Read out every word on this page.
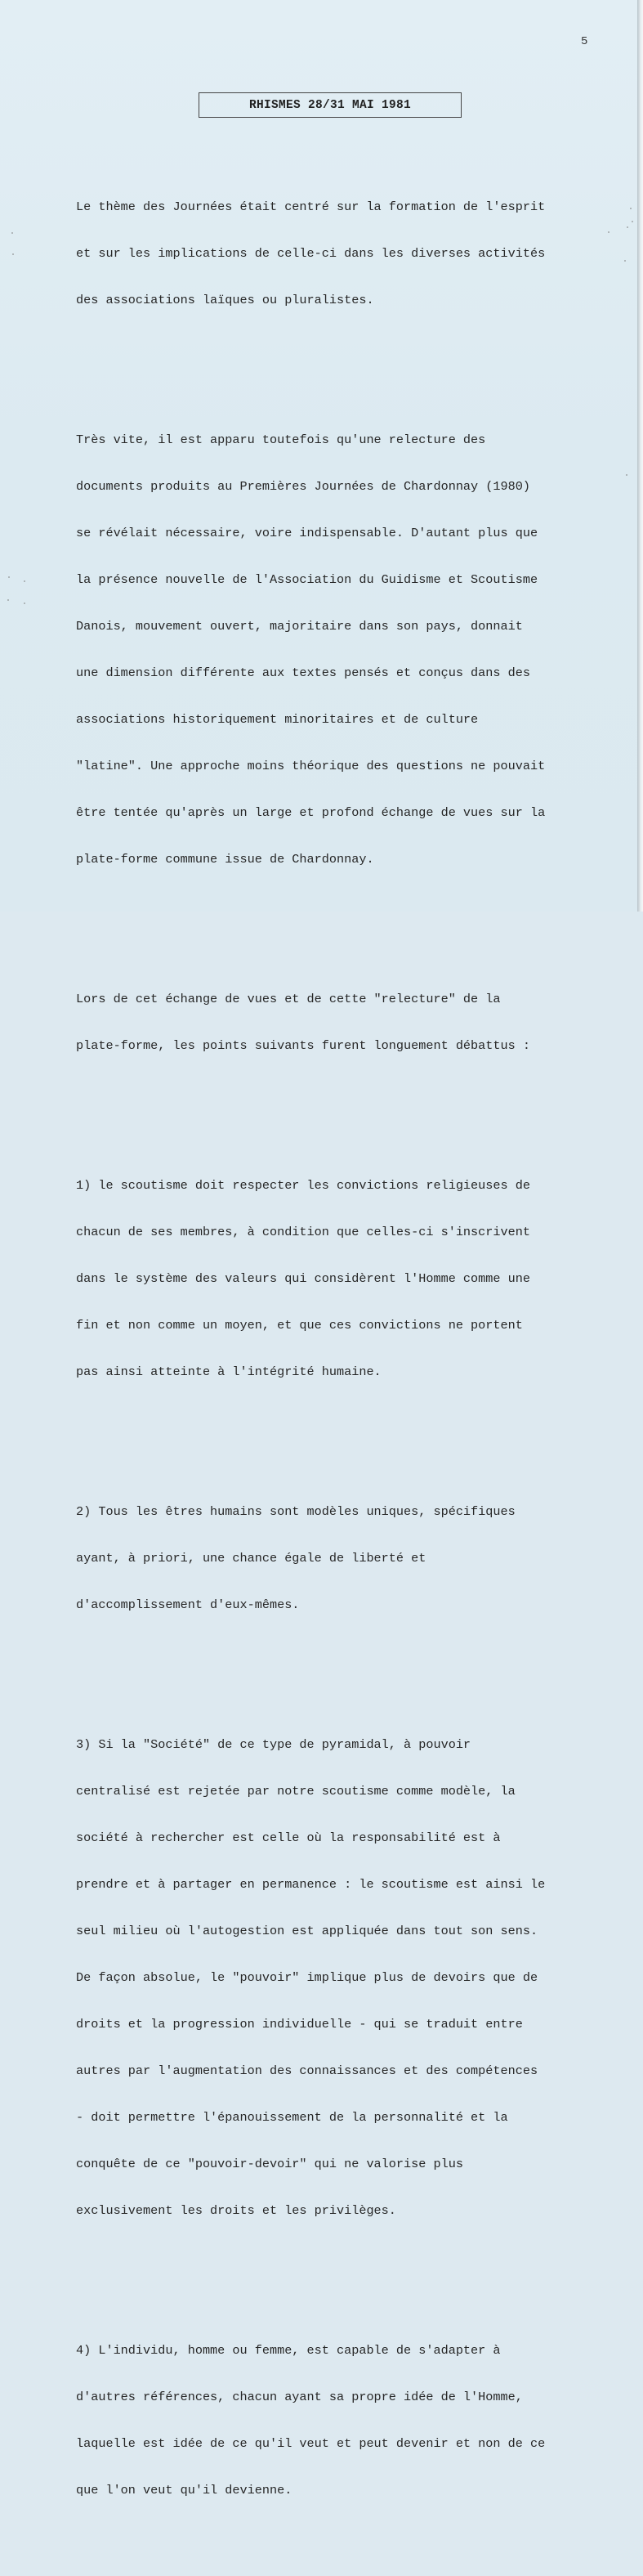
5
RHISMES 28/31 MAI 1981

Le thème des Journées était centré sur la formation de l'esprit

et sur les implications de celle-ci dans les diverses activités

des associations laïques ou pluralistes.

Très vite, il est apparu toutefois qu'une relecture des

documents produits au Premières Journées de Chardonnay (1980)

se révélait nécessaire, voire indispensable. D'autant plus que

la présence nouvelle de l'Association du Guidisme et Scoutisme

Danois, mouvement ouvert, majoritaire dans son pays, donnait

une dimension différente aux textes pensés et conçus dans des

associations historiquement minoritaires et de culture

"latine". Une approche moins théorique des questions ne pouvait

être tentée qu'après un large et profond échange de vues sur la

plate-forme commune issue de Chardonnay.

Lors de cet échange de vues et de cette "relecture" de la

plate-forme, les points suivants furent longuement débattus :

1) le scoutisme doit respecter les convictions religieuses de

chacun de ses membres, à condition que celles-ci s'inscrivent

dans le système des valeurs qui considèrent l'Homme comme une

fin et non comme un moyen, et que ces convictions ne portent

pas ainsi atteinte à l'intégrité humaine.

2) Tous les êtres humains sont modèles uniques, spécifiques

ayant, à priori, une chance égale de liberté et

d'accomplissement d'eux-mêmes.

3) Si la "Société" de ce type de pyramidal, à pouvoir

centralisé est rejetée par notre scoutisme comme modèle, la

société à rechercher est celle où la responsabilité est à

prendre et à partager en permanence : le scoutisme est ainsi le

seul milieu où l'autogestion est appliquée dans tout son sens.

De façon absolue, le "pouvoir" implique plus de devoirs que de

droits et la progression individuelle - qui se traduit entre

autres par l'augmentation des connaissances et des compétences

- doit permettre l'épanouissement de la personnalité et la

conquête de ce "pouvoir-devoir" qui ne valorise plus

exclusivement les droits et les privilèges.

4) L'individu, homme ou femme, est capable de s'adapter à

d'autres références, chacun ayant sa propre idée de l'Homme,

laquelle est idée de ce qu'il veut et peut devenir et non de ce

que l'on veut qu'il devienne.
